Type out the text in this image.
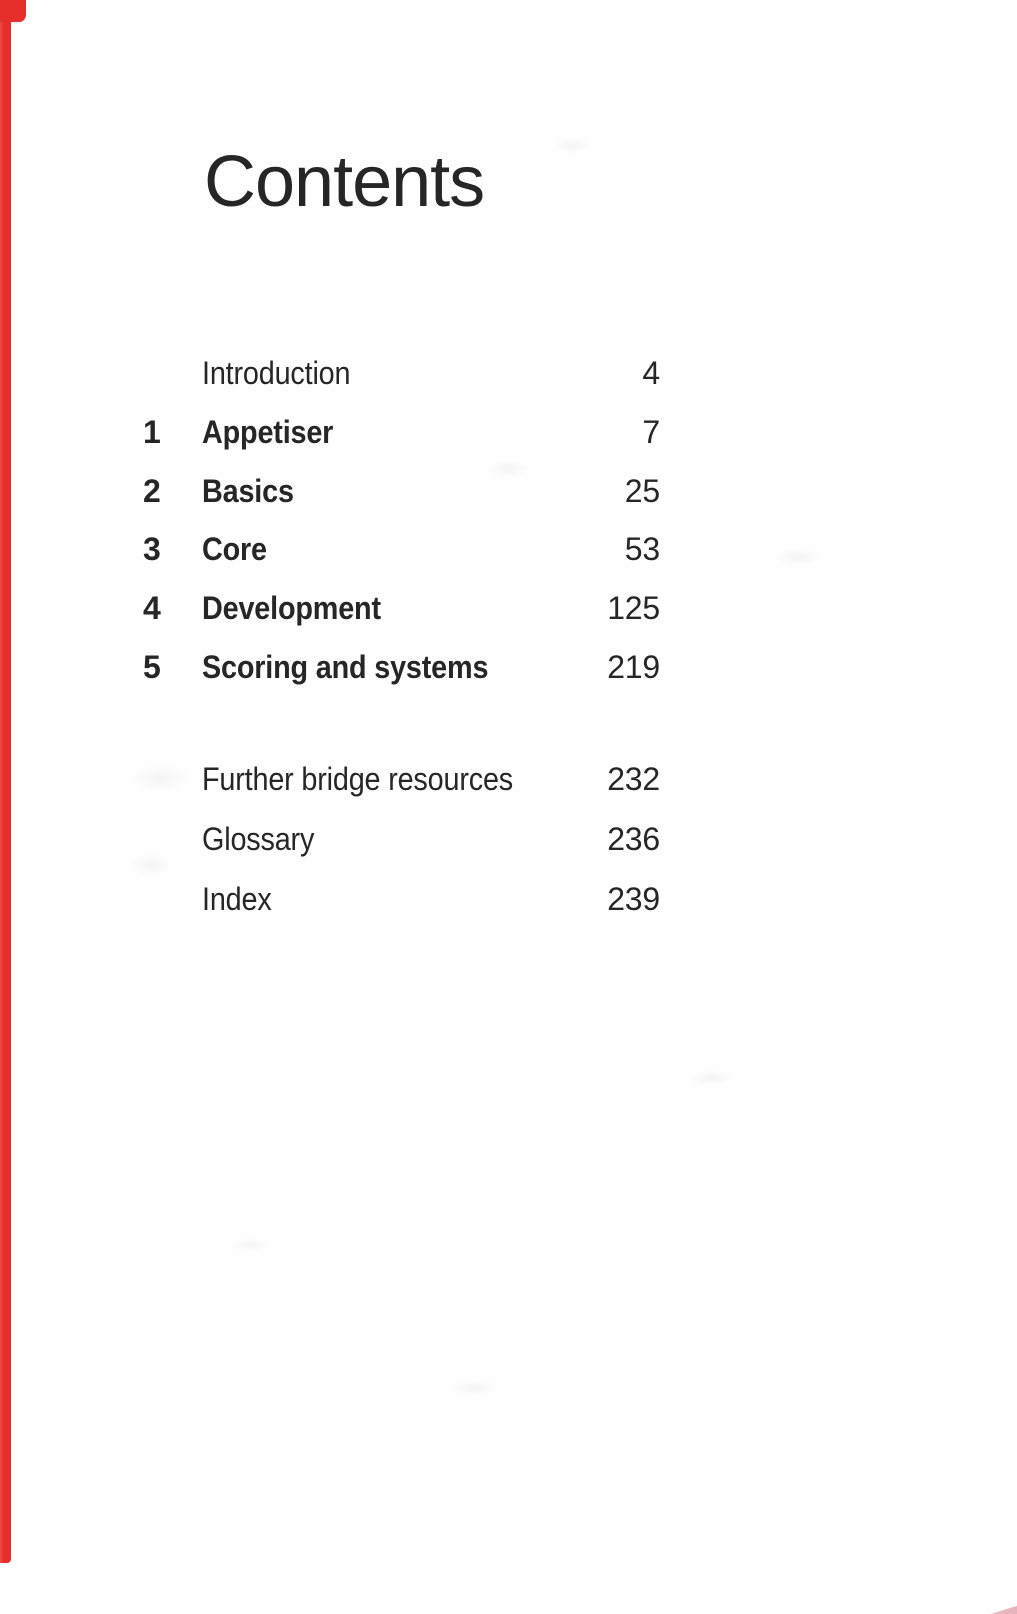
Contents
Introduction	4
1	Appetiser	7
2	Basics	25
3	Core	53
4	Development	125
5	Scoring and systems	219
Further bridge resources	232
Glossary	236
Index	239
